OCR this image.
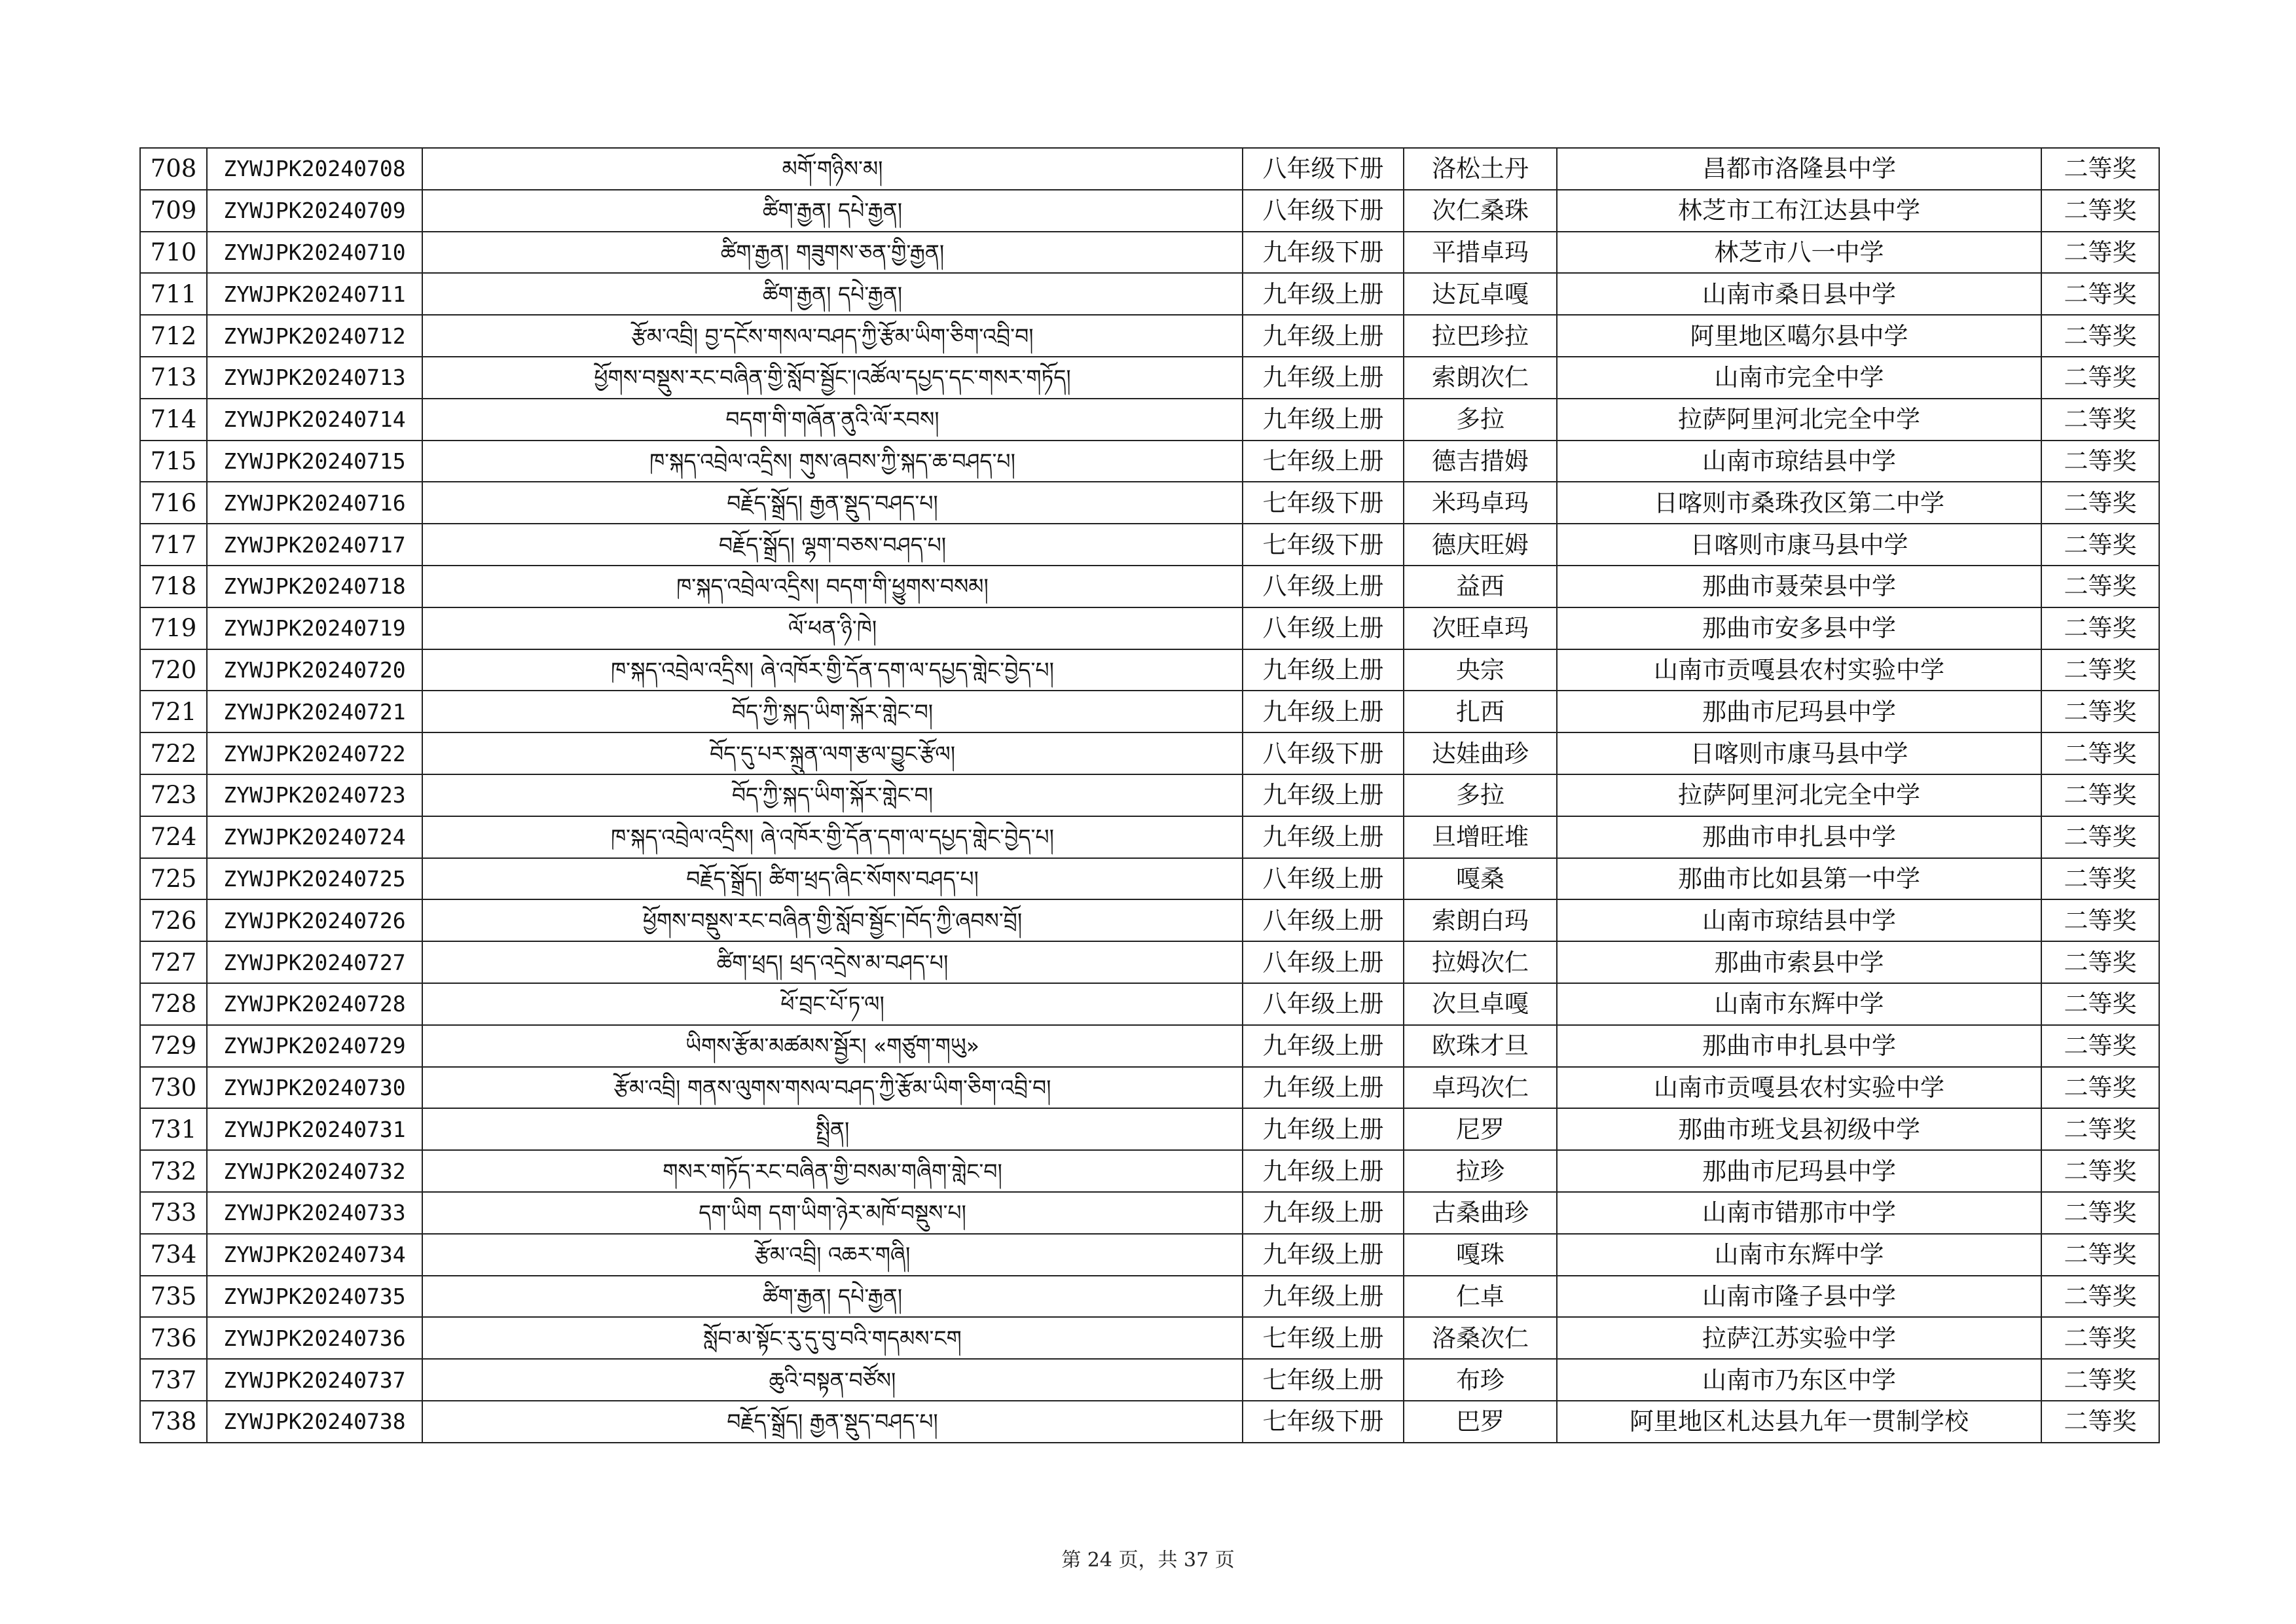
708	ZYWJPK20240708	མགོ་གཉིས་མ།	八年级下册	洛松土丹	昌都市洛隆县中学	二等奖
709	ZYWJPK20240709	ཚིག་རྒྱན། དཔེ་རྒྱན།	八年级下册	次仁桑珠	林芝市工布江达县中学	二等奖
710	ZYWJPK20240710	ཚིག་རྒྱན། གཟུགས་ཅན་གྱི་རྒྱན།	九年级下册	平措卓玛	林芝市八一中学	二等奖
711	ZYWJPK20240711	ཚིག་རྒྱན། དཔེ་རྒྱན།	九年级上册	达瓦卓嘎	山南市桑日县中学	二等奖
712	ZYWJPK20240712	རྩོམ་འབྲི། བྱ་དངོས་གསལ་བཤད་ཀྱི་རྩོམ་ཡིག་ཅིག་འབྲི་བ།	九年级上册	拉巴珍拉	阿里地区噶尔县中学	二等奖
713	ZYWJPK20240713	ཕྱོགས་བསྡུས་རང་བཞིན་གྱི་སློབ་སྦྱོང་།འཚོལ་དཔྱད་དང་གསར་གཏོད།	九年级上册	索朗次仁	山南市完全中学	二等奖
714	ZYWJPK20240714	བདག་གི་གཞོན་ནུའི་ལོ་རབས།	九年级上册	多拉	拉萨阿里河北完全中学	二等奖
715	ZYWJPK20240715	ཁ་སྐད་འབྲེལ་འདྲིས། གུས་ཞབས་ཀྱི་སྐད་ཆ་བཤད་པ།	七年级上册	德吉措姆	山南市琼结县中学	二等奖
716	ZYWJPK20240716	བརྗོད་སྒྲོད། རྒྱན་སྡུད་བཤད་པ།	七年级下册	米玛卓玛	日喀则市桑珠孜区第二中学	二等奖
717	ZYWJPK20240717	བརྗོད་སྒྲོད། ལྷག་བཅས་བཤད་པ།	七年级下册	德庆旺姆	日喀则市康马县中学	二等奖
718	ZYWJPK20240718	ཁ་སྐད་འབྲེལ་འདྲིས། བདག་གི་ཕྱུགས་བསམ།	八年级上册	益西	那曲市聂荣县中学	二等奖
719	ZYWJPK20240719	ལོ་ཕན་ཉི་ཁེ།	八年级上册	次旺卓玛	那曲市安多县中学	二等奖
720	ZYWJPK20240720	ཁ་སྐད་འབྲེལ་འདྲིས། ཞེ་འཁོར་གྱི་དོན་དག་ལ་དཔྱད་གླེང་བྱེད་པ།	九年级上册	央宗	山南市贡嘎县农村实验中学	二等奖
721	ZYWJPK20240721	བོད་ཀྱི་སྐད་ཡིག་སྐོར་གླེང་བ།	九年级上册	扎西	那曲市尼玛县中学	二等奖
722	ZYWJPK20240722	བོད་དུ་པར་སྐྲུན་ལག་རྩལ་བྱུང་རྩོལ།	八年级下册	达娃曲珍	日喀则市康马县中学	二等奖
723	ZYWJPK20240723	བོད་ཀྱི་སྐད་ཡིག་སྐོར་གླེང་བ།	九年级上册	多拉	拉萨阿里河北完全中学	二等奖
724	ZYWJPK20240724	ཁ་སྐད་འབྲེལ་འདྲིས། ཞེ་འཁོར་གྱི་དོན་དག་ལ་དཔྱད་གླེང་བྱེད་པ།	九年级上册	旦增旺堆	那曲市申扎县中学	二等奖
725	ZYWJPK20240725	བརྗོད་སྒྲོད། ཚིག་ཕྲད་ཞིང་སོགས་བཤད་པ།	八年级上册	嘎桑	那曲市比如县第一中学	二等奖
726	ZYWJPK20240726	ཕྱོགས་བསྡུས་རང་བཞིན་གྱི་སློབ་སྦྱོང་།བོད་ཀྱི་ཞབས་བྲོ།	八年级上册	索朗白玛	山南市琼结县中学	二等奖
727	ZYWJPK20240727	ཚིག་ཕྲད། ཕྲད་འདྲེས་མ་བཤད་པ།	八年级上册	拉姆次仁	那曲市索县中学	二等奖
728	ZYWJPK20240728	ཕོ་བྲང་པོ་ཏ་ལ།	八年级上册	次旦卓嘎	山南市东辉中学	二等奖
729	ZYWJPK20240729	ཡིགས་རྩོམ་མཚམས་སྦྱོར། «གཙུག་གཡུ»	九年级上册	欧珠才旦	那曲市申扎县中学	二等奖
730	ZYWJPK20240730	རྩོམ་འབྲི། གནས་ལུགས་གསལ་བཤད་ཀྱི་རྩོམ་ཡིག་ཅིག་འབྲི་བ།	九年级上册	卓玛次仁	山南市贡嘎县农村实验中学	二等奖
731	ZYWJPK20240731	སྤྲིན།	九年级上册	尼罗	那曲市班戈县初级中学	二等奖
732	ZYWJPK20240732	གསར་གཏོད་རང་བཞིན་གྱི་བསམ་གཞིག་གླེང་བ།	九年级上册	拉珍	那曲市尼玛县中学	二等奖
733	ZYWJPK20240733	དག་ཡིག དག་ཡིག་ཉེར་མཁོ་བསྡུས་པ།	九年级上册	古桑曲珍	山南市错那市中学	二等奖
734	ZYWJPK20240734	རྩོམ་འབྲི། འཆར་གཞི།	九年级上册	嘎珠	山南市东辉中学	二等奖
735	ZYWJPK20240735	ཚིག་རྒྱན། དཔེ་རྒྱན།	九年级上册	仁卓	山南市隆子县中学	二等奖
736	ZYWJPK20240736	སློབ་མ་སྟོང་རུ་དུ་བུ་བའི་གདམས་ངག	七年级上册	洛桑次仁	拉萨江苏实验中学	二等奖
737	ZYWJPK20240737	ཆུའི་བསྟན་བཙོས།	七年级上册	布珍	山南市乃东区中学	二等奖
738	ZYWJPK20240738	བརྗོད་སྒྲོད། རྒྱན་སྡུད་བཤད་པ།	七年级下册	巴罗	阿里地区札达县九年一贯制学校	二等奖
第 24 页，共 37 页
